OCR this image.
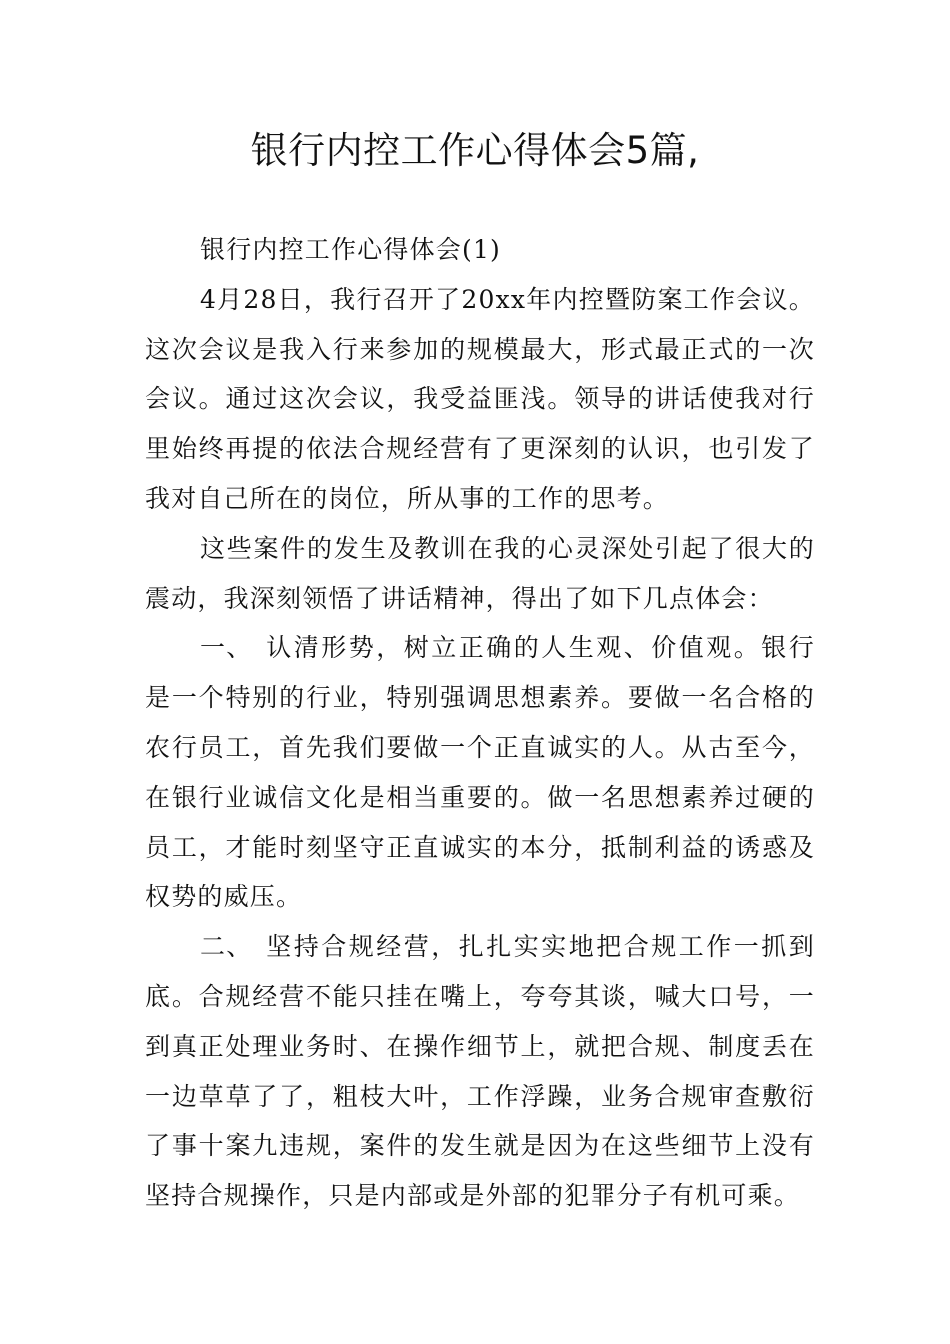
银行内控工作心得体会5篇,

银行内控工作心得体会(1)

4月28日，我行召开了20xx年内控暨防案工作会议。这次会议是我入行来参加的规模最大，形式最正式的一次会议。通过这次会议，我受益匪浅。领导的讲话使我对行里始终再提的依法合规经营有了更深刻的认识，也引发了我对自己所在的岗位，所从事的工作的思考。

这些案件的发生及教训在我的心灵深处引起了很大的震动，我深刻领悟了讲话精神，得出了如下几点体会：

一、 认清形势，树立正确的人生观、价值观。银行是一个特别的行业，特别强调思想素养。要做一名合格的农行员工，首先我们要做一个正直诚实的人。从古至今，在银行业诚信文化是相当重要的。做一名思想素养过硬的员工，才能时刻坚守正直诚实的本分，抵制利益的诱惑及权势的威压。

二、 坚持合规经营，扎扎实实地把合规工作一抓到底。合规经营不能只挂在嘴上，夸夸其谈，喊大口号，一到真正处理业务时、在操作细节上，就把合规、制度丢在一边草草了了，粗枝大叶，工作浮躁，业务合规审查敷衍了事十案九违规，案件的发生就是因为在这些细节上没有坚持合规操作，只是内部或是外部的犯罪分子有机可乘。
